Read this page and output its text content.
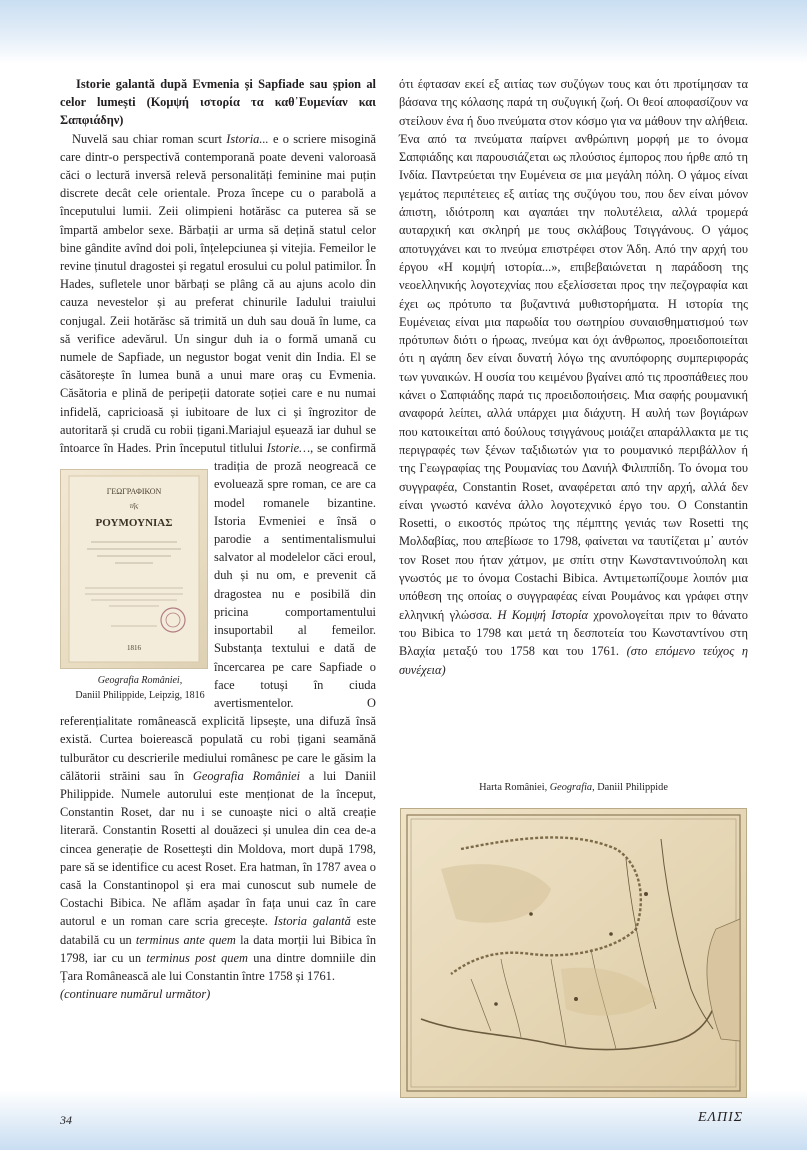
Istorie galantă după Evmenia și Sapfiade sau șpion al celor lumești (Κομψή ιστορία τα καθ᾿Ευμενίαν και Σαπφιάδην)

Nuvelă sau chiar roman scurt Istoria... e o scriere misogină care dintr-o perspectivă contemporană poate deveni valoroasă căci o lectură inversă relevă personalități feminine mai puțin discrete decât cele orientale. Proza începe cu o parabolă a începutului lumii. Zeii olimpieni hotărăsc ca puterea să se împartă ambelor sexe. Bărbații ar urma să dețină statul celor bine gândite avînd doi poli, înțelepciunea și vitejia. Femeilor le revine ținutul dragostei și regatul erosului cu polul patimilor. În Hades, sufletele unor bărbați se plâng că au ajuns acolo din cauza nevestelor și au preferat chinurile Iadului traiului conjugal. Zeii hotărăsc să trimită un duh sau două în lume, ca să verifice adevărul. Un singur duh ia o formă umană cu numele de Sapfiade, un negustor bogat venit din India. El se căsătorește în lumea bună a unui mare oraș cu Evmenia. Căsătoria e plină de peripeții datorate soției care e nu numai infidelă, capricioasă și iubitoare de lux ci și îngrozitor de autoritară și crudă cu robii țigani.Mariajul eșuează iar duhul se întoarce în Hades. Prin începutul titlului Istorie…
ΓΕΩΓΡΑΦΙΚΟΝ
τῆς
ΡΟΥΜΟΥΝΙΑΣ
1816
Geografia României,
Daniil Philippide, Leipzig, 1816
, se confirmă tradiția de proză neogreacă ce evoluează spre roman, ce are ca model romanele bizantine. Istoria Evmeniei e însă o parodie a sentimentalismului salvator al modelelor căci eroul, duh și nu om, e prevenit că dragostea nu e posibilă din pricina comportamentului insuportabil al femeilor. Substanța textului e dată de încercarea pe care Sapfiade o face totuși în ciuda avertismentelor. O referențialitate românească explicită lipsește, una difuză însă există. Curtea boierească populată cu robi țigani seamănă tulburător cu descrierile mediului românesc pe care le găsim la călătorii străini sau în Geografia României a lui Daniil Philippide. Numele autorului este menționat de la început, Constantin Roset, dar nu i se cunoaște nici o altă creație literară. Constantin Rosetti al douăzeci și unulea din cea de-a cincea generație de Rosetteşti din Moldova, mort după 1798, pare să se identifice cu acest Roset. Era hatman, în 1787 avea o casă la Constantinopol și era mai cunoscut sub numele de Costachi Bibica. Ne aflăm așadar în fața unui caz în care autorul e un roman care scria grecește. Istoria galantă este databilă cu un terminus ante quem la data morții lui Bibica în 1798, iar cu un terminus post quem una dintre domniile din Țara Românească ale lui Constantin între 1758 și 1761.

(continuare numărul următor)

ότι έφτασαν εκεί εξ αιτίας των συζύγων τους και ότι προτίμησαν τα βάσανα της κόλασης παρά τη συζυγική ζωή. Οι θεοί αποφασίζουν να στείλουν ένα ή δυο πνεύματα στον κόσμο για να μάθουν την αλήθεια. Ένα από τα πνεύματα παίρνει ανθρώπινη μορφή με το όνομα Σαπφιάδης και παρουσιάζεται ως πλούσιος έμπορος που ήρθε από τη Ινδία. Παντρεύεται την Ευμένεια σε μια μεγάλη πόλη. Ο γάμος είναι γεμάτος περιπέτειες εξ αιτίας της συζύγου του, που δεν είναι μόνον άπιστη, ιδιότροπη και αγαπάει την πολυτέλεια, αλλά τρομερά αυταρχική και σκληρή με τους σκλάβους Τσιγγάνους. Ο γάμος αποτυγχάνει και το πνεύμα επιστρέφει στον Άδη. Από την αρχή του έργου «Η κομψή ιστορία...», επιβεβαιώνεται η παράδοση της νεοελληνικής λογοτεχνίας που εξελίσσεται προς την πεζογραφία και έχει ως πρότυπο τα βυζαντινά μυθιστορήματα. Η ιστορία της Ευμένειας είναι μια παρωδία του σωτηρίου συναισθηματισμού των πρότυπων διότι ο ήρωας, πνεύμα και όχι άνθρωπος, προειδοποιείται ότι η αγάπη δεν είναι δυνατή λόγω της ανυπόφορης συμπεριφοράς των γυναικών. Η ουσία του κειμένου βγαίνει από τις προσπάθειες που κάνει ο Σαπφιάδης παρά τις προειδοποιήσεις. Μια σαφής ρουμανική αναφορά λείπει, αλλά υπάρχει μια διάχυτη. Η αυλή των βογιάρων που κατοικείται από δούλους τσιγγάνους μοιάζει απαράλλακτα με τις περιγραφές των ξένων ταξιδιωτών για το ρουμανικό περιβάλλον ή της Γεωγραφίας της Ρουμανίας του Δανιήλ Φιλιππίδη. Το όνομα του συγγραφέα, Constantin Roset, αναφέρεται από την αρχή, αλλά δεν είναι γνωστό κανένα άλλο λογοτεχνικό έργο του. Ο Constantin Rosetti, ο εικοστός πρώτος της πέμπτης γενιάς των Rosetti της Μολδαβίας, που απεβίωσε το 1798, φαίνεται να ταυτίζεται μ᾿ αυτόν τον Roset που ήταν χάτμον, με σπίτι στην Κωνσταντινούπολη και γνωστός με το όνομα Costachi Bibica. Αντιμετωπίζουμε λοιπόν μια υπόθεση της οποίας ο συγγραφέας είναι Ρουμάνος και γράφει στην ελληνική γλώσσα. Η Κομψή Ιστορία χρονολογείται πριν το θάνατο του Bibica το 1798 και μετά τη δεσποτεία του Κωνσταντίνου στη Βλαχία μεταξύ του 1758 και του 1761. (στο επόμενο τεύχος η συνέχεια)

Harta României, Geografia, Daniil Philippide
34	ΕΛΠΙΣ
